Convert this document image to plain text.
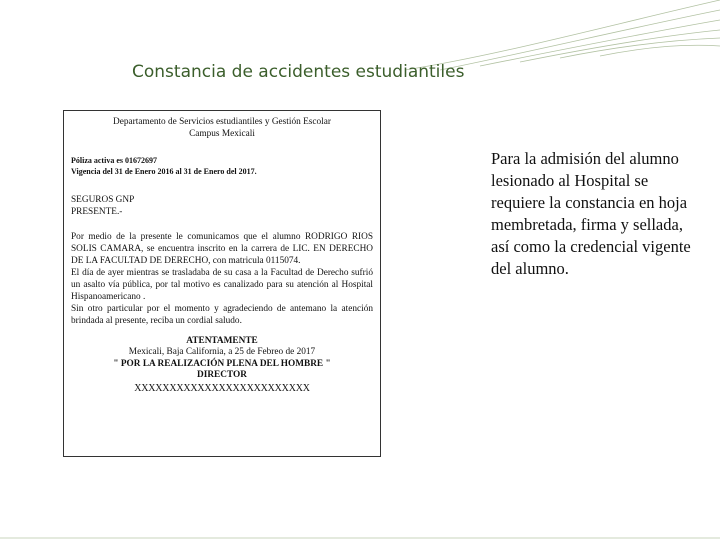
Constancia de accidentes estudiantiles

Departamento de Servicios estudiantiles y Gestión Escolar

Campus Mexicali

Póliza activa es 01672697

Vigencia del 31 de Enero 2016 al 31 de Enero del 2017.

SEGUROS GNP

PRESENTE.-

Por medio de la presente le comunicamos que el alumno RODRIGO RIOS SOLIS CAMARA, se encuentra inscrito en la carrera de LIC. EN DERECHO DE LA FACULTAD DE DERECHO, con matricula 0115074.

El día de ayer mientras se trasladaba de su casa a la Facultad de Derecho sufrió un asalto vía pública, por tal motivo es canalizado para su atención al Hospital Hispanoamericano .

Sin otro particular por el momento y agradeciendo de antemano la atención brindada al presente, reciba un cordial saludo.

ATENTAMENTE

Mexicali, Baja California, a 25 de Febreo de 2017

" POR LA REALIZACIÓN PLENA DEL HOMBRE "

DIRECTOR

XXXXXXXXXXXXXXXXXXXXXXXXX

Para la admisión del alumno lesionado al Hospital se requiere la constancia en hoja membretada, firma y sellada, así como la credencial vigente del alumno.
